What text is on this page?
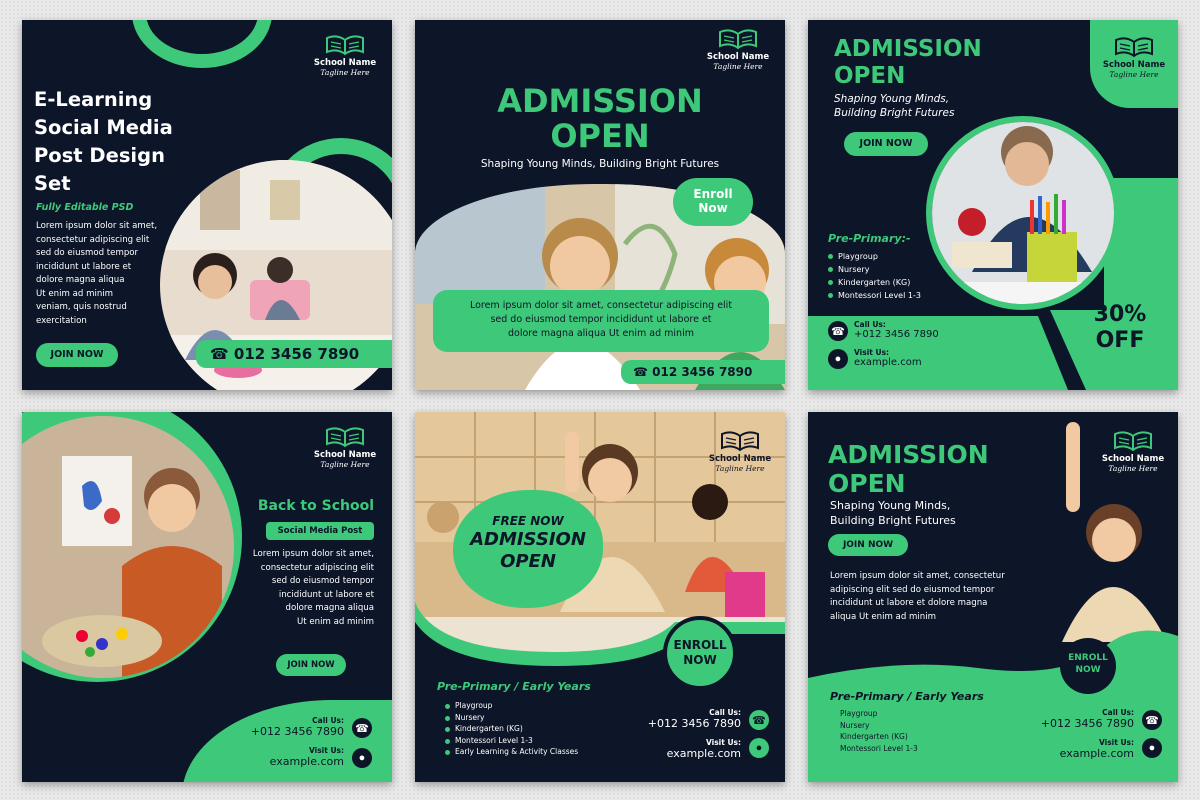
E-Learning
Social Media
Post Design
Set
Fully Editable PSD
Lorem ipsum dolor sit amet,
consectetur adipiscing elit
sed do eiusmod tempor
incididunt ut labore et
dolore magna aliqua
Ut enim ad minim
veniam, quis nostrud
exercitation
JOIN NOW	☎ 012 3456 7890
School Name
Tagline Here
School Name
Tagline Here
ADMISSION
OPEN
Shaping Young Minds, Building Bright Futures
Enroll
Now
Lorem ipsum dolor sit amet, consectetur adipiscing elit
sed do eiusmod tempor incididunt ut labore et
dolore magna aliqua Ut enim ad minim
☎ 012 3456 7890
ADMISSION
OPEN
Shaping Young Minds,
Building Bright Futures
JOIN NOW
School Name
Tagline Here
Pre-Primary:-
Playgroup
Nursery
Kindergarten (KG)
Montessori Level 1-3
☎
Call Us:
+012 3456 7890
●
Visit Us:
example.com
30%
OFF
School Name
Tagline Here
Back to School
Social Media Post
Lorem ipsum dolor sit amet,
consectetur adipiscing elit
sed do eiusmod tempor
incididunt ut labore et
dolore magna aliqua
Ut enim ad minim
JOIN NOW
Call Us:
+012 3456 7890 ☎
Visit Us:
example.com	●
School Name
Tagline Here
FREE NOW
ADMISSION
OPEN
ENROLL
NOW
Pre-Primary / Early Years
Playgroup
Nursery
Kindergarten (KG)
Montessori Level 1-3
Early Learning & Activity Classes
Call Us:
+012 3456 7890 ☎
Visit Us:
example.com	●
School Name
Tagline Here
ADMISSION
OPEN
Shaping Young Minds,
Building Bright Futures
JOIN NOW
Lorem ipsum dolor sit amet, consectetur
adipiscing elit sed do eiusmod tempor
incididunt ut labore et dolore magna
aliqua Ut enim ad minim
ENROLL
NOW
Pre-Primary / Early Years
Playgroup
Nursery
Kindergarten (KG)
Montessori Level 1-3
Call Us:
+012 3456 7890 ☎
Visit Us:
example.com	●
